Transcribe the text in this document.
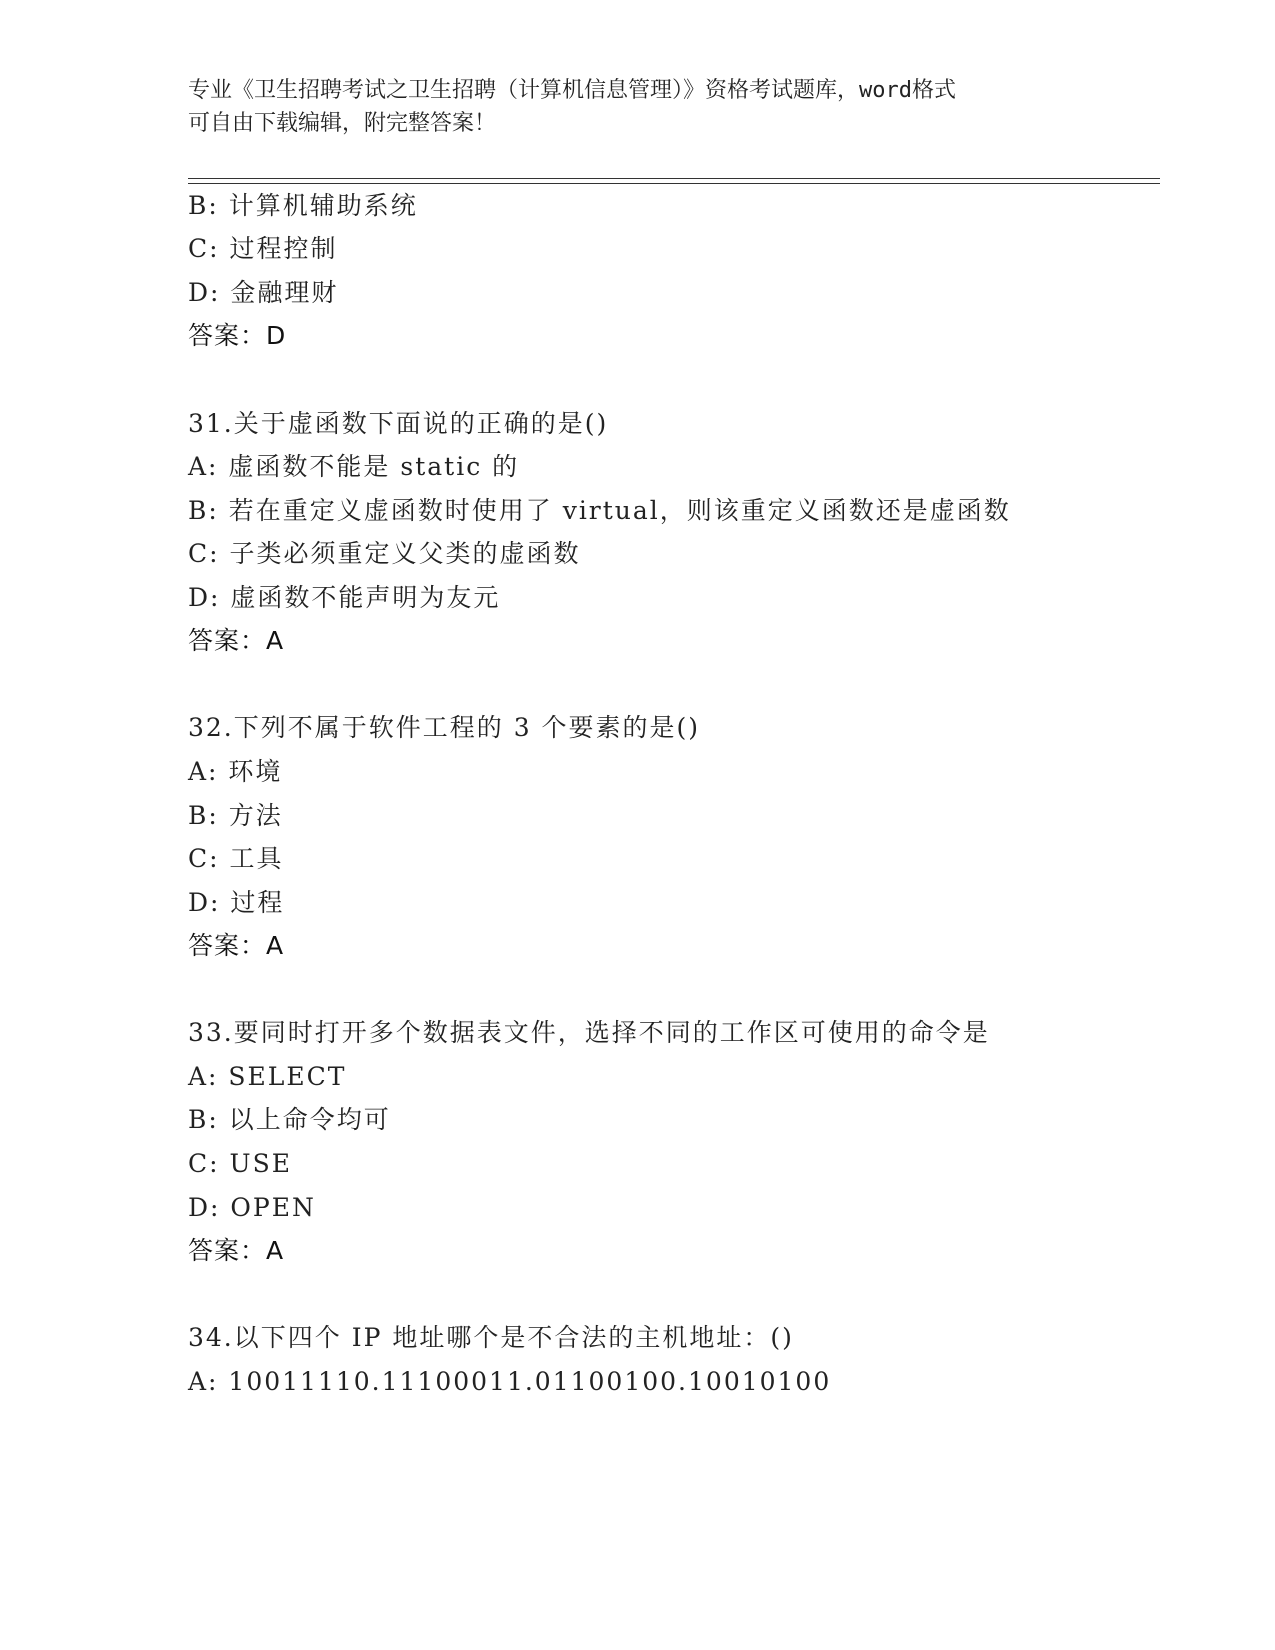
专业《卫生招聘考试之卫生招聘（计算机信息管理）》资格考试题库，word格式
可自由下载编辑，附完整答案！
B: 计算机辅助系统
C: 过程控制
D: 金融理财
答案：D
31.关于虚函数下面说的正确的是()
A: 虚函数不能是 static 的
B: 若在重定义虚函数时使用了 virtual，则该重定义函数还是虚函数
C: 子类必须重定义父类的虚函数
D: 虚函数不能声明为友元
答案：A
32.下列不属于软件工程的 3 个要素的是()
A: 环境
B: 方法
C: 工具
D: 过程
答案：A
33.要同时打开多个数据表文件，选择不同的工作区可使用的命令是
A: SELECT
B: 以上命令均可
C: USE
D: OPEN
答案：A
34.以下四个 IP 地址哪个是不合法的主机地址：()
A: 10011110.11100011.01100100.10010100
